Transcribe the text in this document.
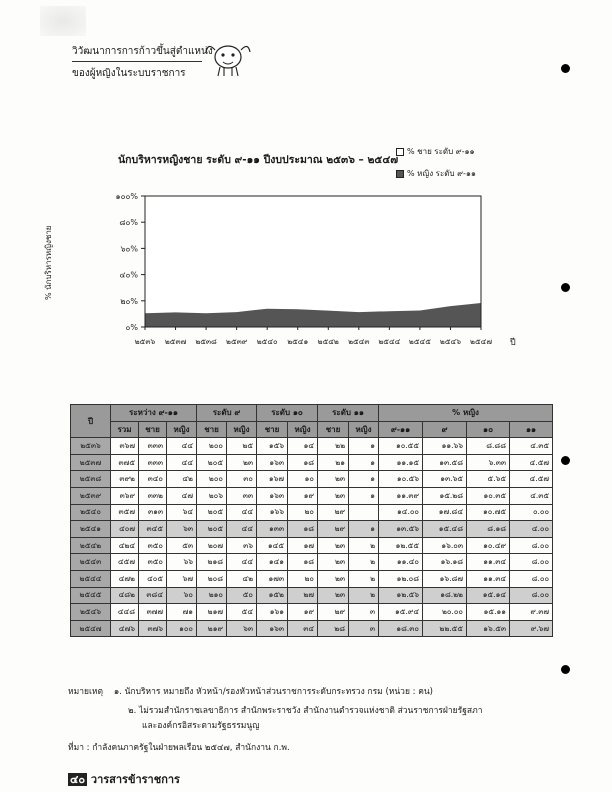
วิวัฒนาการการก้าวขึ้นสู่ตำแหน่ง
ของผู้หญิงในระบบราชการ
% ชาย ระดับ ๙-๑๑
% หญิง ระดับ ๙-๑๑
นักบริหารหญิงชาย ระดับ ๙-๑๑ ปีงบประมาณ ๒๕๓๖ – ๒๕๔๗
% นักบริหารหญิงชาย
๐%
๒๐%
๔๐%
๖๐%
๘๐%
๑๐๐%
๒๕๓๖ ๒๕๓๗ ๒๕๓๘ ๒๕๓๙ ๒๕๔๐ ๒๕๔๑ ๒๕๔๒ ๒๕๔๓ ๒๕๔๔ ๒๕๔๕ ๒๕๔๖ ๒๕๔๗ ปี
ปี	ระหว่าง ๙-๑๑			ระดับ ๙		ระดับ ๑๐		ระดับ ๑๑		% หญิง			
	รวม	ชาย	หญิง	ชาย	หญิง	ชาย	หญิง	ชาย	หญิง	๙-๑๑	๙	๑๐	๑๑
๒๕๓๖	๓๖๗	๓๓๓	๔๔	๒๐๐	๒๕	๑๕๖	๑๔	๒๒	๑	๑๐.๕๕	๑๑.๖๖	๘.๘๘	๔.๓๕
๒๕๓๗	๓๗๕	๓๓๓	๔๔	๒๐๕	๒๓	๑๖๓	๑๘	๒๑	๑	๑๑.๑๕	๑๓.๕๘	๖.๓๓	๔.๕๗
๒๕๓๘	๓๙๒	๓๔๐	๔๒	๒๐๐	๓๐	๑๖๗	๑๐	๒๓	๑	๑๐.๕๖	๑๓.๖๕	๕.๖๕	๔.๕๗
๒๕๓๙	๓๖๙	๓๓๒	๔๗	๒๐๖	๓๓	๑๖๓	๑๙	๒๓	๑	๑๑.๓๙	๑๕.๒๘	๑๐.๓๕	๔.๓๕
๒๕๔๐	๓๕๗	๓๑๓	๖๔	๒๐๕	๔๔	๑๖๖	๒๐	๒๙		๑๔.๐๐	๑๗.๘๔	๑๐.๗๕	๐.๐๐
๒๕๔๑	๔๐๗	๓๔๕	๖๓	๒๐๕	๔๔	๑๓๓	๑๘	๒๙	๑	๑๓.๕๖	๑๕.๔๘	๘.๑๘	๔.๐๐
๒๕๔๒	๔๒๔	๓๕๐	๕๓	๒๐๗	๓๖	๑๔๕	๑๗	๒๓	๒	๑๒.๕๕	๑๖.๐๓	๑๐.๔๙	๘.๐๐
๒๕๔๓	๔๕๗	๓๕๐	๖๖	๒๑๘	๔๔	๑๔๑	๑๘	๒๓	๒	๑๑.๔๐	๑๖.๑๘	๑๑.๓๔	๘.๐๐
๒๕๔๔	๔๗๒	๔๐๕	๖๗	๒๐๘	๔๒	๑๗๓	๒๐	๒๓	๒	๑๒.๐๘	๑๖.๘๗	๑๑.๓๔	๘.๐๐
๒๕๔๕	๔๘๒	๓๘๔	๖๐	๒๑๐	๕๐	๑๕๒	๒๗	๒๓	๒	๑๒.๕๖	๑๘.๒๒	๑๕.๑๔	๘.๐๐
๒๕๔๖	๔๔๘	๓๗๗	๗๑	๒๑๗	๕๔	๑๖๑	๑๙	๒๙	๓	๑๕.๙๔	๒๐.๐๐	๑๕.๑๑	๙.๓๗
๒๕๔๗	๔๗๖	๓๗๖	๑๐๐	๒๑๙	๖๓	๑๖๓	๓๔	๒๘	๓	๑๘.๓๐	๒๒.๕๕	๑๖.๕๓	๙.๖๗
หมายเหตุ ๑. นักบริหาร หมายถึง หัวหน้า/รองหัวหน้าส่วนราชการระดับกระทรวง กรม (หน่วย : คน)
๒. ไม่รวมสำนักราชเลขาธิการ สำนักพระราชวัง สำนักงานตำรวจแห่งชาติ ส่วนราชการฝ่ายรัฐสภา
และองค์กรอิสระตามรัฐธรรมนูญ
ที่มา : กำลังคนภาครัฐในฝ่ายพลเรือน ๒๕๔๗, สำนักงาน ก.พ.
๔๐ วารสารข้าราชการ
